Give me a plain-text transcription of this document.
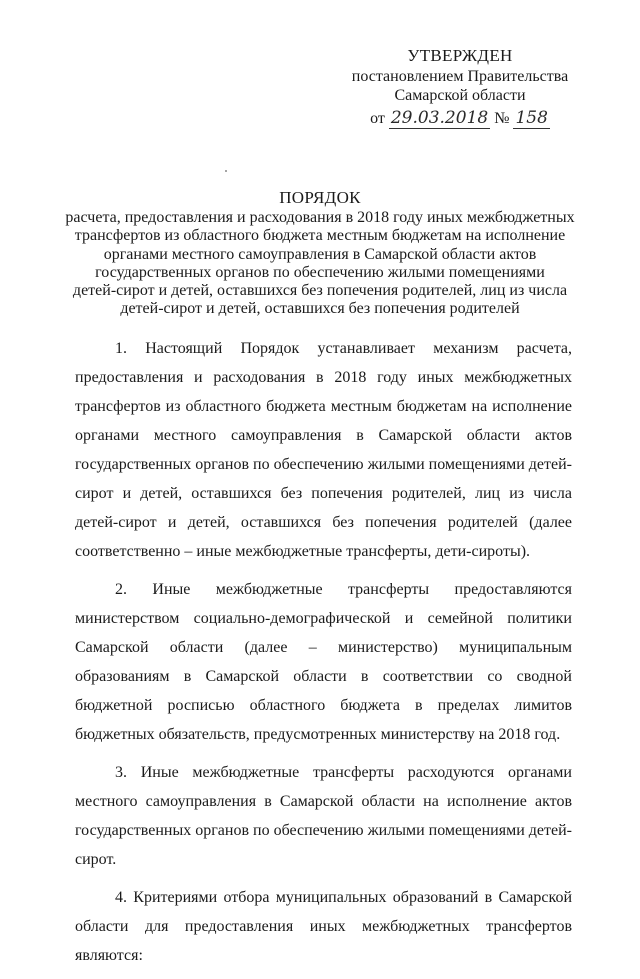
УТВЕРЖДЕН
постановлением Правительства
Самарской области
от 29.03.2018 № 158
ПОРЯДОК
расчета, предоставления и расходования в 2018 году иных межбюджетных
трансфертов из областного бюджета местным бюджетам на исполнение
органами местного самоуправления в Самарской области актов
государственных органов по обеспечению жилыми помещениями
детей-сирот и детей, оставшихся без попечения родителей, лиц из числа
детей-сирот и детей, оставшихся без попечения родителей

1. Настоящий Порядок устанавливает механизм расчета, предоставления и расходования в 2018 году иных межбюджетных трансфертов из областного бюджета местным бюджетам на исполнение органами местного самоуправления в Самарской области актов государственных органов по обеспечению жилыми помещениями детей-сирот и детей, оставшихся без попечения родителей, лиц из числа детей-сирот и детей, оставшихся без попечения родителей (далее соответственно – иные межбюджетные трансферты, дети-сироты).

2. Иные межбюджетные трансферты предоставляются министерством социально-демографической и семейной политики Самарской области (далее – министерство) муниципальным образованиям в Самарской области в соответствии со сводной бюджетной росписью областного бюджета в пределах лимитов бюджетных обязательств, предусмотренных министерству на 2018 год.

3. Иные межбюджетные трансферты расходуются органами местного самоуправления в Самарской области на исполнение актов государственных органов по обеспечению жилыми помещениями детей-сирот.

4. Критериями отбора муниципальных образований в Самарской области для предоставления иных межбюджетных трансфертов являются:
